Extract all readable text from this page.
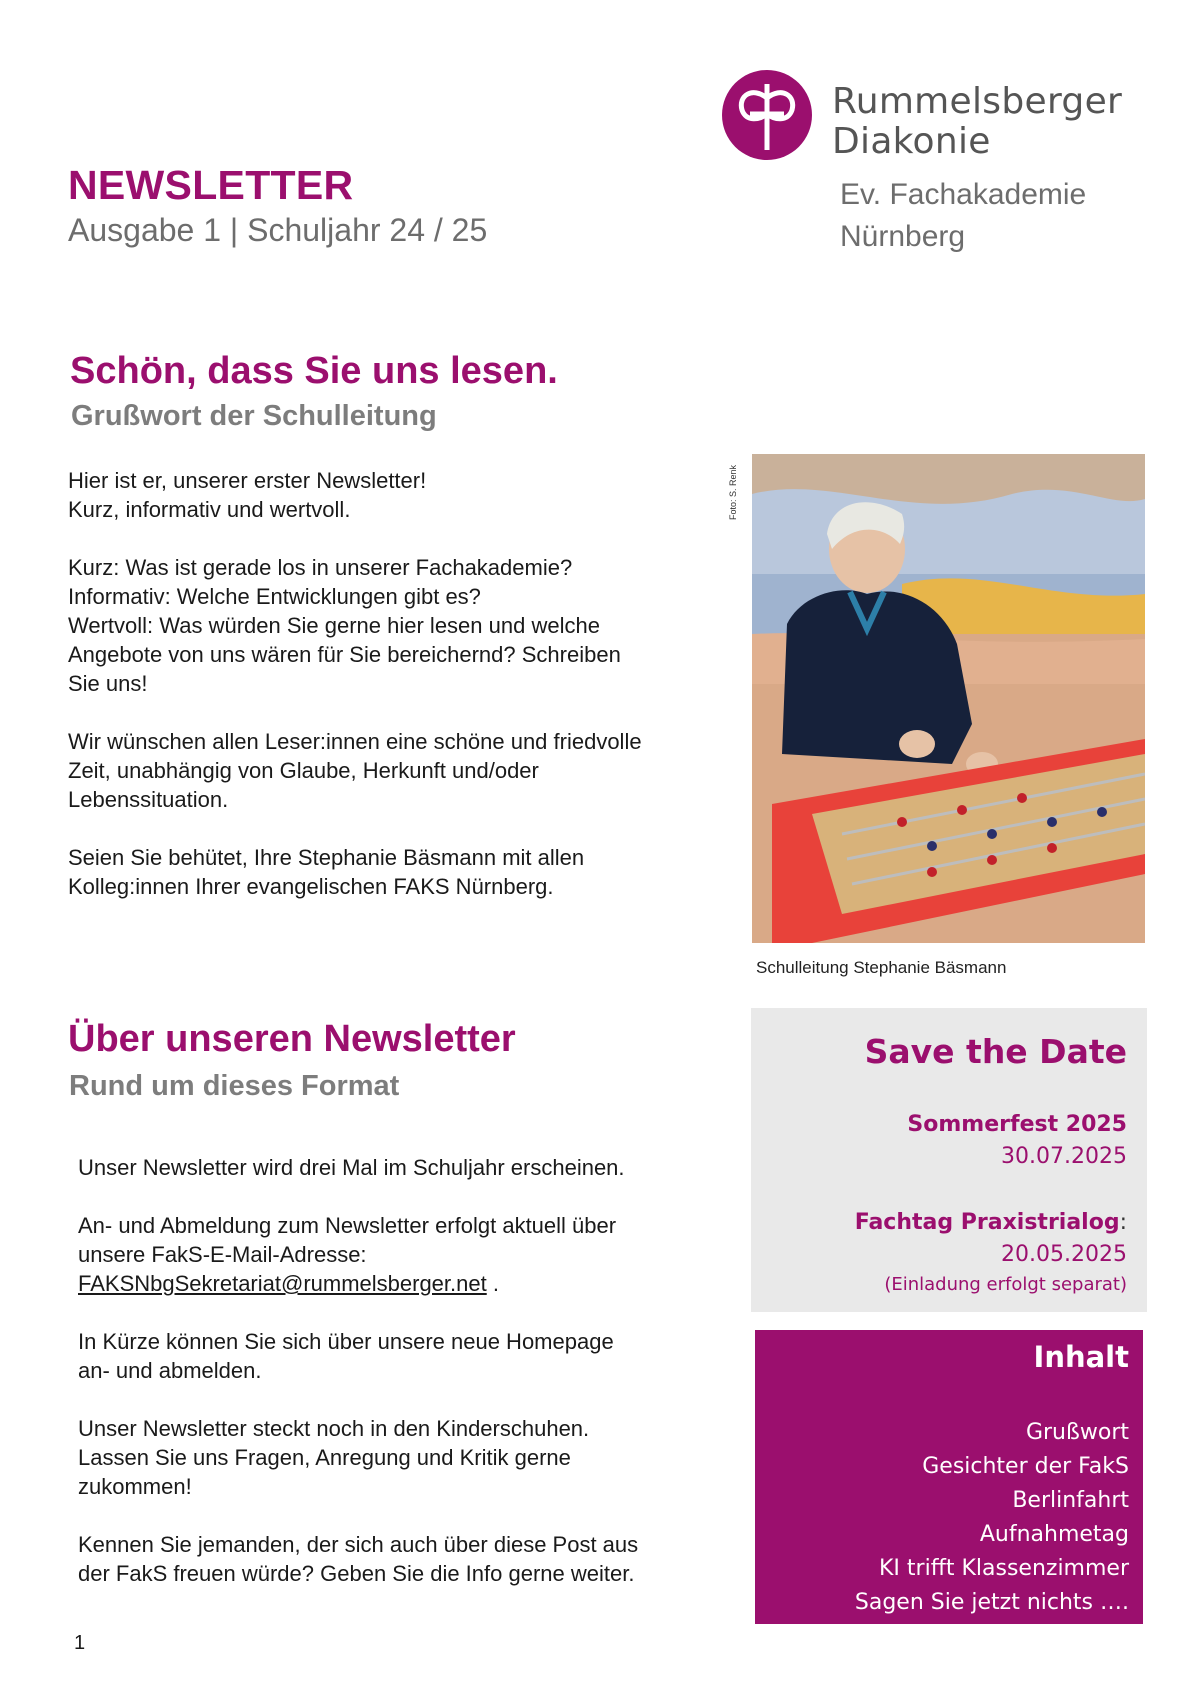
Rummelsberger
Diakonie
Ev. Fachakademie
Nürnberg
NEWSLETTER
Ausgabe 1 | Schuljahr 24 / 25
Schön, dass Sie uns lesen.
Grußwort der Schulleitung

Hier ist er, unserer erster Newsletter!
Kurz, informativ und wertvoll.

Kurz: Was ist gerade los in unserer Fachakademie?
Informativ: Welche Entwicklungen gibt es?
Wertvoll: Was würden Sie gerne hier lesen und welche
Angebote von uns wären für Sie bereichernd? Schreiben
Sie uns!

Wir wünschen allen Leser:innen eine schöne und friedvolle
Zeit, unabhängig von Glaube, Herkunft und/oder
Lebenssituation.

Seien Sie behütet, Ihre Stephanie Bäsmann mit allen
Kolleg:innen Ihrer evangelischen FAKS Nürnberg.

Foto: S. Renk
Schulleitung Stephanie Bäsmann
Über unseren Newsletter
Rund um dieses Format

Unser Newsletter wird drei Mal im Schuljahr erscheinen.

An- und Abmeldung zum Newsletter erfolgt aktuell über
unsere FakS-E-Mail-Adresse:
FAKSNbgSekretariat@rummelsberger.net .

In Kürze können Sie sich über unsere neue Homepage
an- und abmelden.

Unser Newsletter steckt noch in den Kinderschuhen.
Lassen Sie uns Fragen, Anregung und Kritik gerne
zukommen!

Kennen Sie jemanden, der sich auch über diese Post aus
der FakS freuen würde? Geben Sie die Info gerne weiter.

1
Save the Date
Sommerfest 2025
30.07.2025
Fachtag Praxistrialog:
20.05.2025
(Einladung erfolgt separat)
Inhalt
Grußwort
Gesichter der FakS
Berlinfahrt
Aufnahmetag
KI trifft Klassenzimmer
Sagen Sie jetzt nichts ….
